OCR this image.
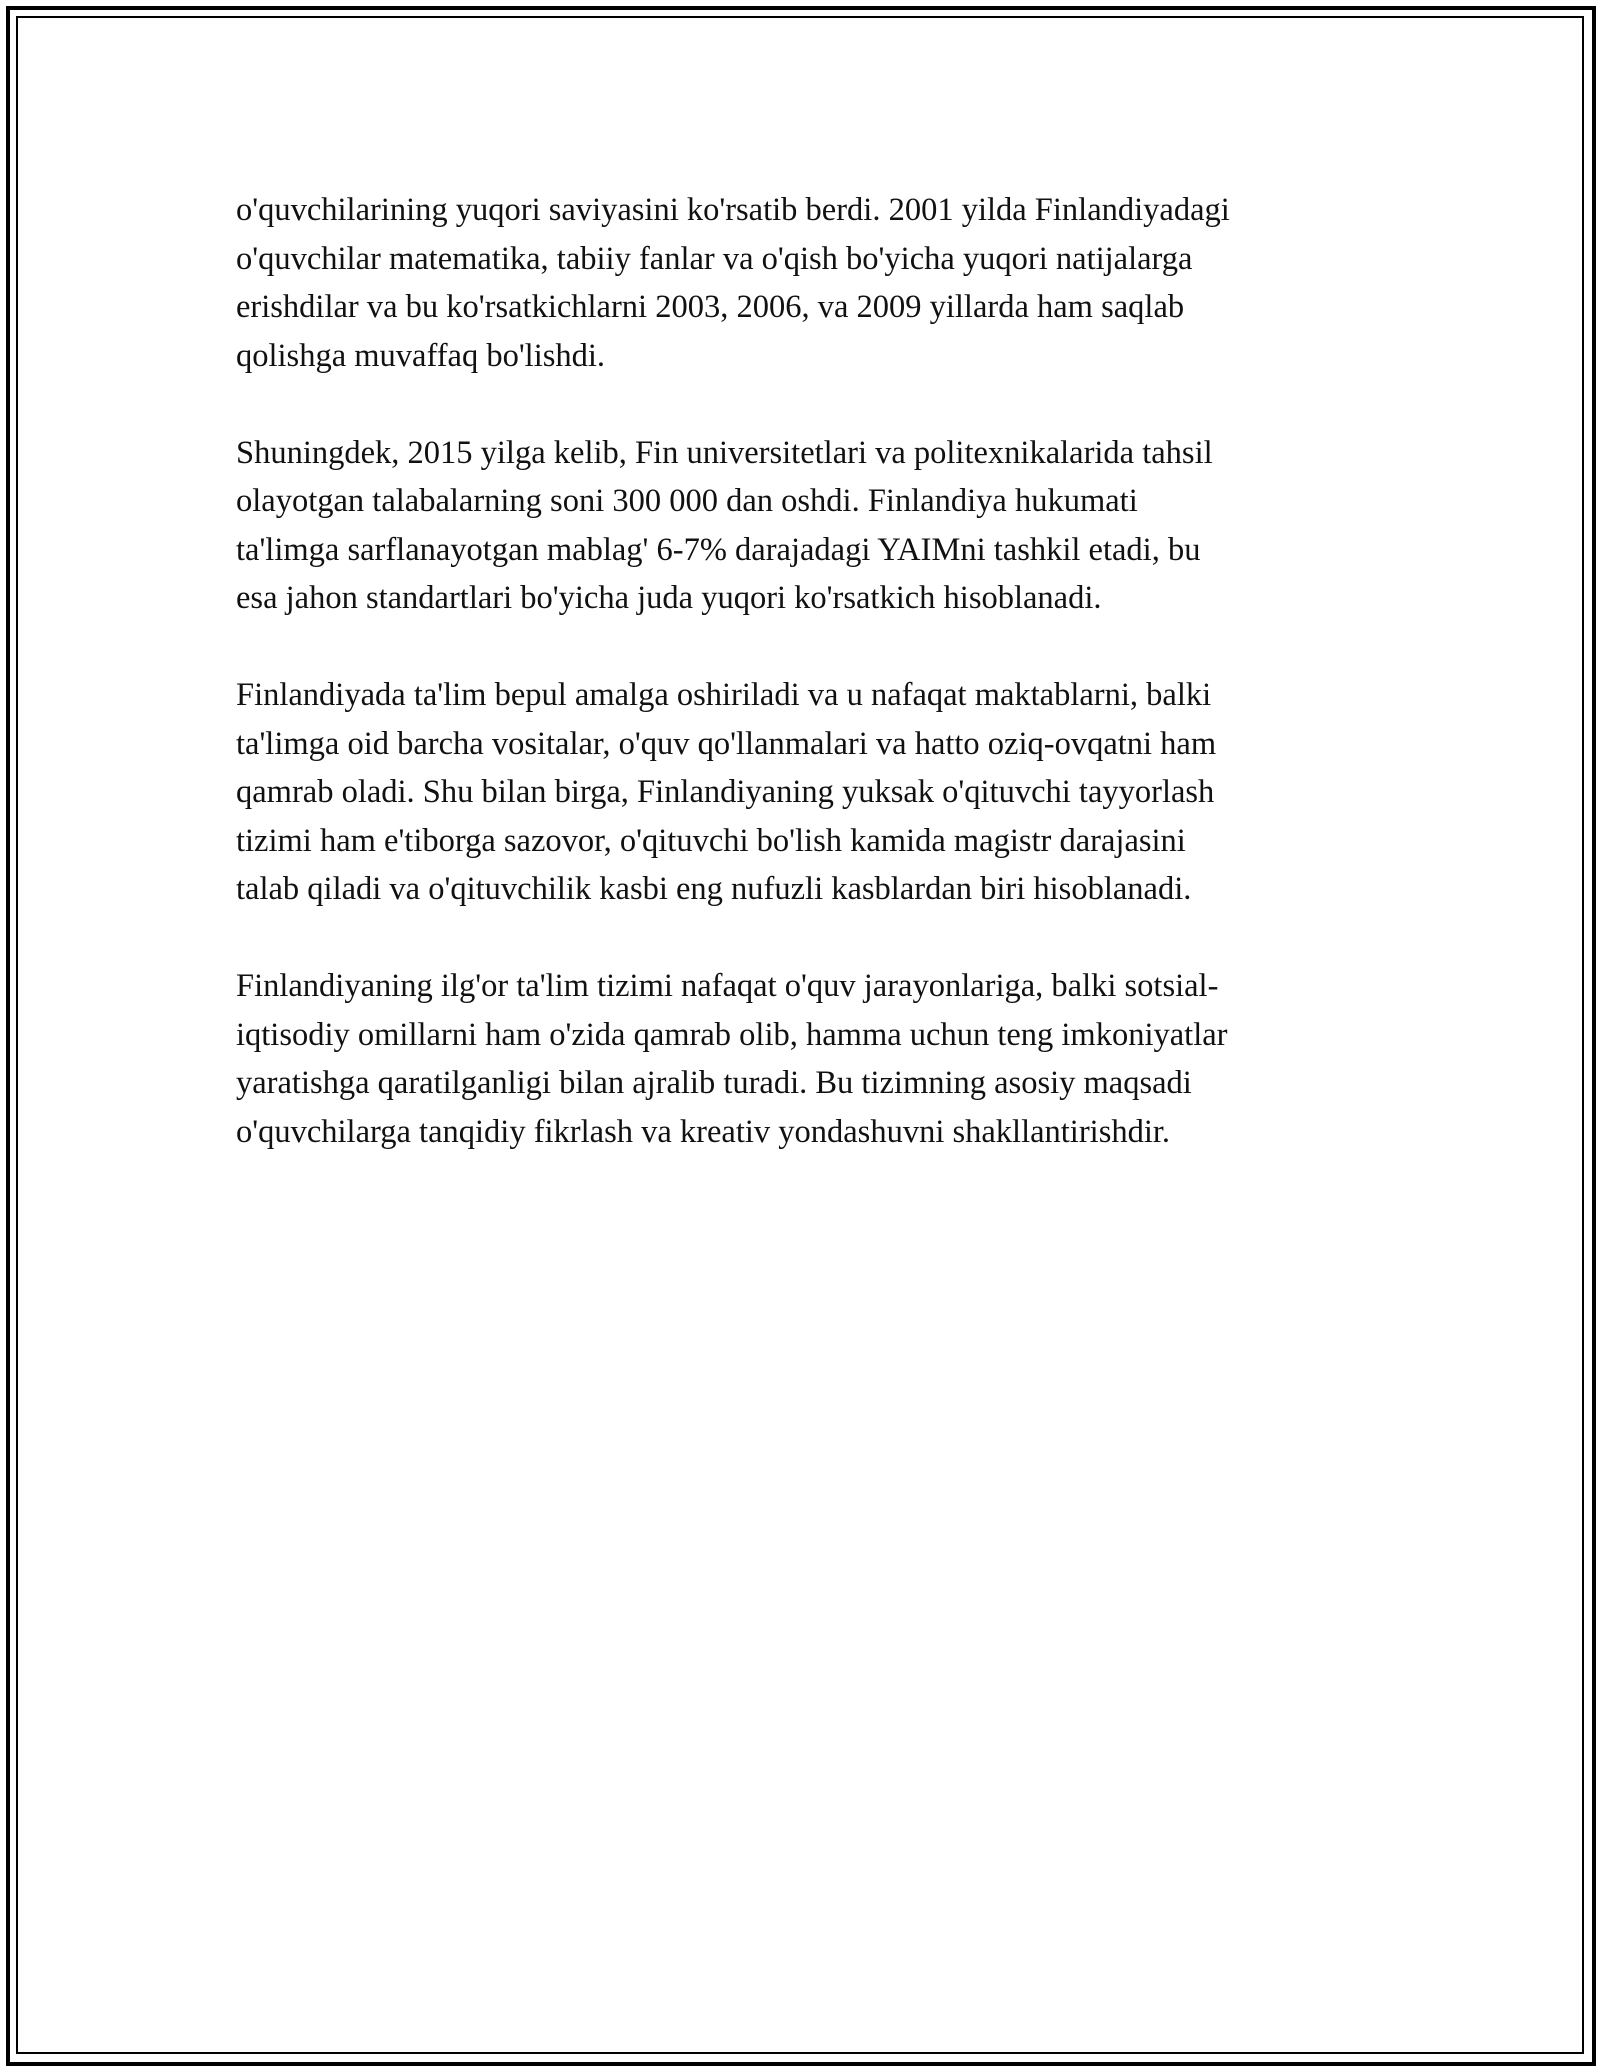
o'quvchilarining yuqori saviyasini ko'rsatib berdi. 2001 yilda Finlandiyadagi
o'quvchilar matematika, tabiiy fanlar va o'qish bo'yicha yuqori natijalarga
erishdilar va bu ko'rsatkichlarni 2003, 2006, va 2009 yillarda ham saqlab
qolishga muvaffaq bo'lishdi.

Shuningdek, 2015 yilga kelib, Fin universitetlari va politexnikalarida tahsil
olayotgan talabalarning soni 300 000 dan oshdi. Finlandiya hukumati
ta'limga sarflanayotgan mablag' 6-7% darajadagi YAIMni tashkil etadi, bu
esa jahon standartlari bo'yicha juda yuqori ko'rsatkich hisoblanadi.

Finlandiyada ta'lim bepul amalga oshiriladi va u nafaqat maktablarni, balki
ta'limga oid barcha vositalar, o'quv qo'llanmalari va hatto oziq-ovqatni ham
qamrab oladi. Shu bilan birga, Finlandiyaning yuksak o'qituvchi tayyorlash
tizimi ham e'tiborga sazovor, o'qituvchi bo'lish kamida magistr darajasini
talab qiladi va o'qituvchilik kasbi eng nufuzli kasblardan biri hisoblanadi.

Finlandiyaning ilg'or ta'lim tizimi nafaqat o'quv jarayonlariga, balki sotsial-
iqtisodiy omillarni ham o'zida qamrab olib, hamma uchun teng imkoniyatlar
yaratishga qaratilganligi bilan ajralib turadi. Bu tizimning asosiy maqsadi
o'quvchilarga tanqidiy fikrlash va kreativ yondashuvni shakllantirishdir.
